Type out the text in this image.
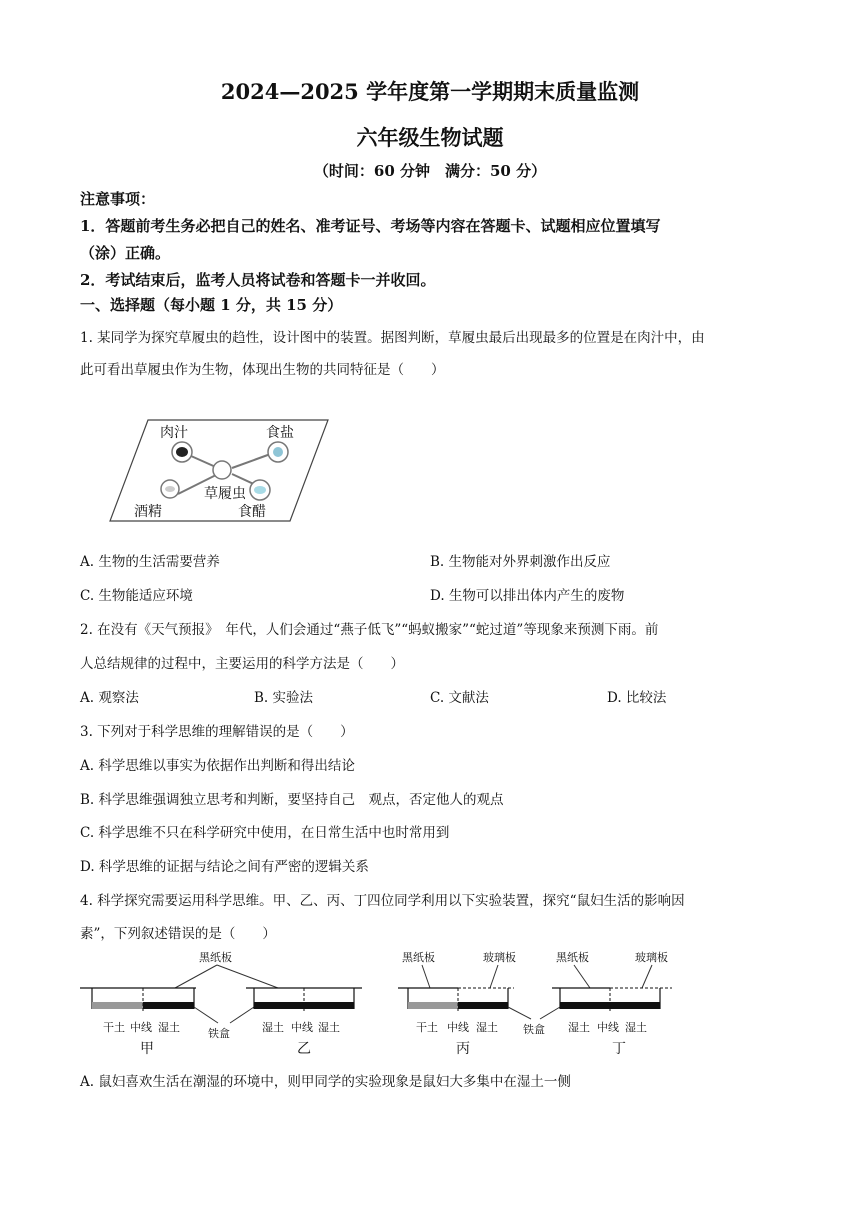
2024—2025 学年度第一学期期末质量监测
六年级生物试题
（时间：60 分钟　满分：50 分）
注意事项：
1．答题前考生务必把自己的姓名、准考证号、考场等内容在答题卡、试题相应位置填写
（涂）正确。
2．考试结束后，监考人员将试卷和答题卡一并收回。
一、选择题（每小题 1 分，共 15 分）
1. 某同学为探究草履虫的趋性，设计图中的装置。据图判断，草履虫最后出现最多的位置是在肉汁中，由
此可看出草履虫作为生物，体现出生物的共同特征是（　　）
肉汁	食盐
草履虫
酒精	食醋
A. 生物的生活需要营养	B. 生物能对外界刺激作出反应
C. 生物能适应环境	D. 生物可以排出体内产生的废物
2. 在没有《天气预报》　年代，人们会通过“燕子低飞”“蚂蚁搬家”“蛇过道”等现象来预测下雨。前
人总结规律的过程中，主要运用的科学方法是（　　）
A. 观察法	B. 实验法	C. 文献法	D. 比较法
3. 下列对于科学思维的理解错误的是（　　）
A. 科学思维以事实为依据作出判断和得出结论
B. 科学思维强调独立思考和判断，要坚持自己　观点，否定他人的观点
C. 科学思维不只在科学研究中使用，在日常生活中也时常用到
D. 科学思维的证据与结论之间有严密的逻辑关系
4. 科学探究需要运用科学思维。甲、乙、丙、丁四位同学利用以下实验装置，探究“鼠妇生活的影响因
素”，下列叙述错误的是（　　）
黑纸板
干土 中线 湿土
甲
铁盒	湿土 中线 湿土
乙
黑纸板	玻璃板
干土 中线 湿土
丙
铁盒
黑纸板	玻璃板
湿土 中线 湿土
丁
A. 鼠妇喜欢生活在潮湿的环境中，则甲同学的实验现象是鼠妇大多集中在湿土一侧
